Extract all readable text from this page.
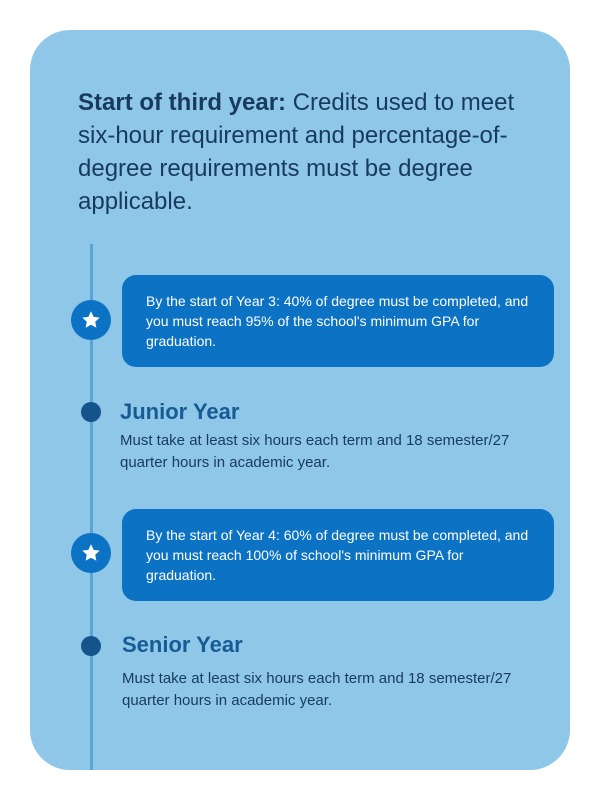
Start of third year: Credits used to meet six-hour requirement and percentage-of-degree requirements must be degree applicable.
By the start of Year 3: 40% of degree must be completed, and you must reach 95% of the school's minimum GPA for graduation.
Junior Year

Must take at least six hours each term and 18 semester/27 quarter hours in academic year.

By the start of Year 4: 60% of degree must be completed, and you must reach 100% of school's minimum GPA for graduation.
Senior Year

Must take at least six hours each term and 18 semester/27 quarter hours in academic year.
